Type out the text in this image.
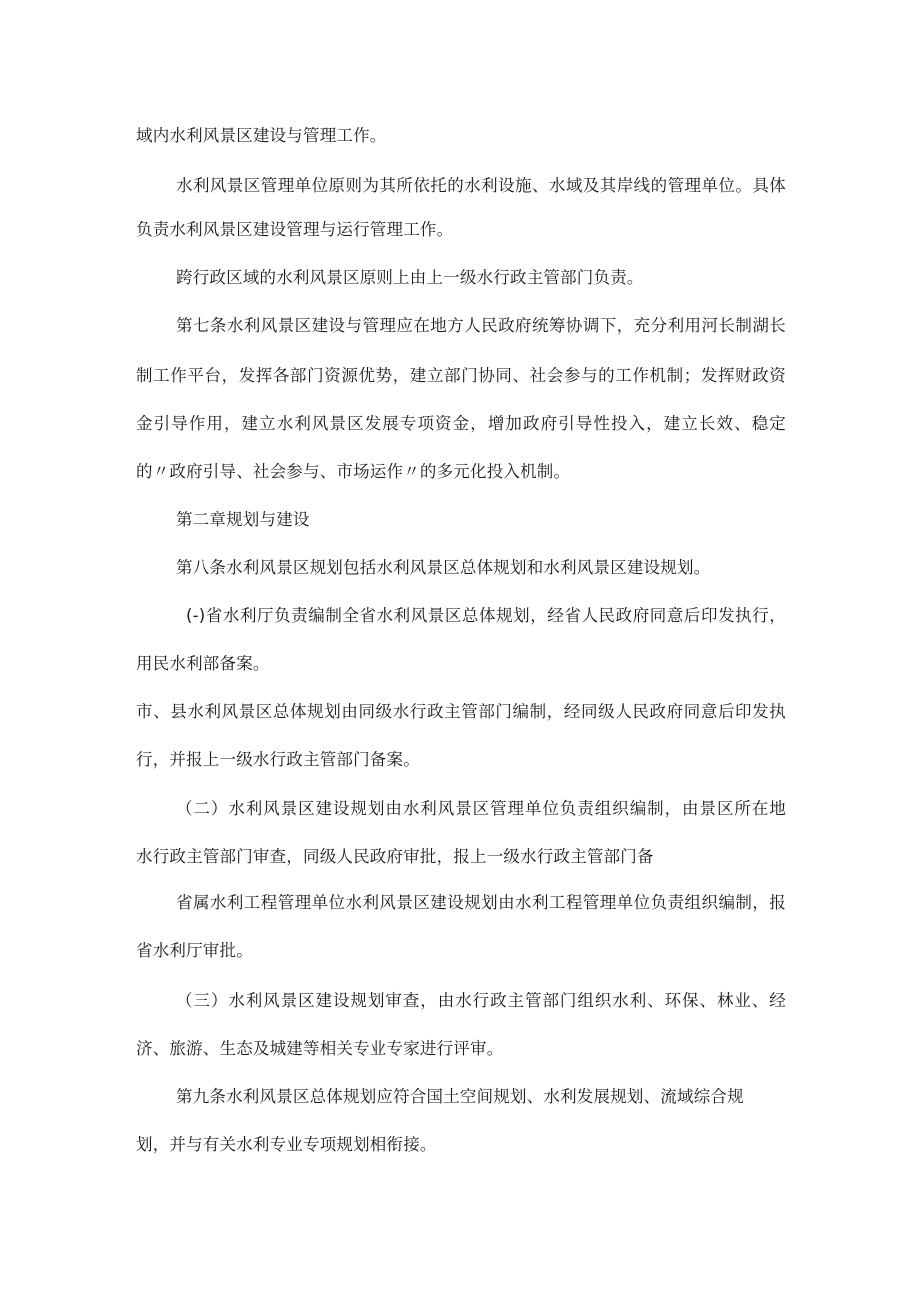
域内水利风景区建设与管理工作。
水利风景区管理单位原则为其所依托的水利设施、水域及其岸线的管理单位。具体
负责水利风景区建设管理与运行管理工作。
跨行政区域的水利风景区原则上由上一级水行政主管部门负责。
第七条水利风景区建设与管理应在地方人民政府统筹协调下，充分利用河长制湖长
制工作平台，发挥各部门资源优势，建立部门协同、社会参与的工作机制；发挥财政资
金引导作用，建立水利风景区发展专项资金，增加政府引导性投入，建立长效、稳定
的〃政府引导、社会参与、市场运作〃的多元化投入机制。
第二章规划与建设
第八条水利风景区规划包括水利风景区总体规划和水利风景区建设规划。
(-)省水利厅负责编制全省水利风景区总体规划，经省人民政府同意后印发执行，
用民水利部备案。
市、县水利风景区总体规划由同级水行政主管部门编制，经同级人民政府同意后印发执
行，并报上一级水行政主管部门备案。
（二）水利风景区建设规划由水利风景区管理单位负责组织编制，由景区所在地
水行政主管部门审查，同级人民政府审批，报上一级水行政主管部门备
省属水利工程管理单位水利风景区建设规划由水利工程管理单位负责组织编制，报
省水利厅审批。
（三）水利风景区建设规划审查，由水行政主管部门组织水利、环保、林业、经
济、旅游、生态及城建等相关专业专家进行评审。
第九条水利风景区总体规划应符合国土空间规划、水利发展规划、流域综合规
划，并与有关水利专业专项规划相衔接。
